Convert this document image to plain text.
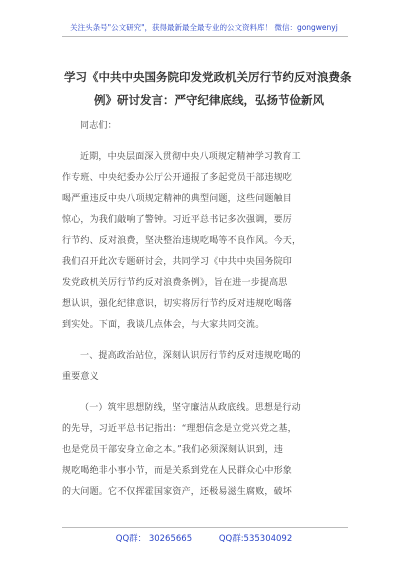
关注头条号"公文研究"，获得最新最全最专业的公文资料库！ 微信：gongwenyj
学习《中共中央国务院印发党政机关厉行节约反对浪费条
例》研讨发言：严守纪律底线，弘扬节俭新风
同志们：
近期，中央层面深入贯彻中央八项规定精神学习教育工
作专班、中央纪委办公厅公开通报了多起党员干部违规吃
喝严重违反中央八项规定精神的典型问题，这些问题触目
惊心，为我们敲响了警钟。习近平总书记多次强调，要厉
行节约、反对浪费，坚决整治违规吃喝等不良作风。今天，
我们召开此次专题研讨会，共同学习《中共中央国务院印
发党政机关厉行节约反对浪费条例》，旨在进一步提高思
想认识，强化纪律意识，切实将厉行节约反对违规吃喝落
到实处。下面，我谈几点体会，与大家共同交流。
一、提高政治站位，深刻认识厉行节约反对违规吃喝的
重要意义
（一）筑牢思想防线，坚守廉洁从政底线。思想是行动
的先导，习近平总书记指出：“理想信念是立党兴党之基，
也是党员干部安身立命之本。”我们必须深刻认识到，违
规吃喝绝非小事小节，而是关系到党在人民群众心中形象
的大问题。它不仅挥霍国家资产，还极易滋生腐败，破坏
QQ群： 30265665	QQ群:535304092
